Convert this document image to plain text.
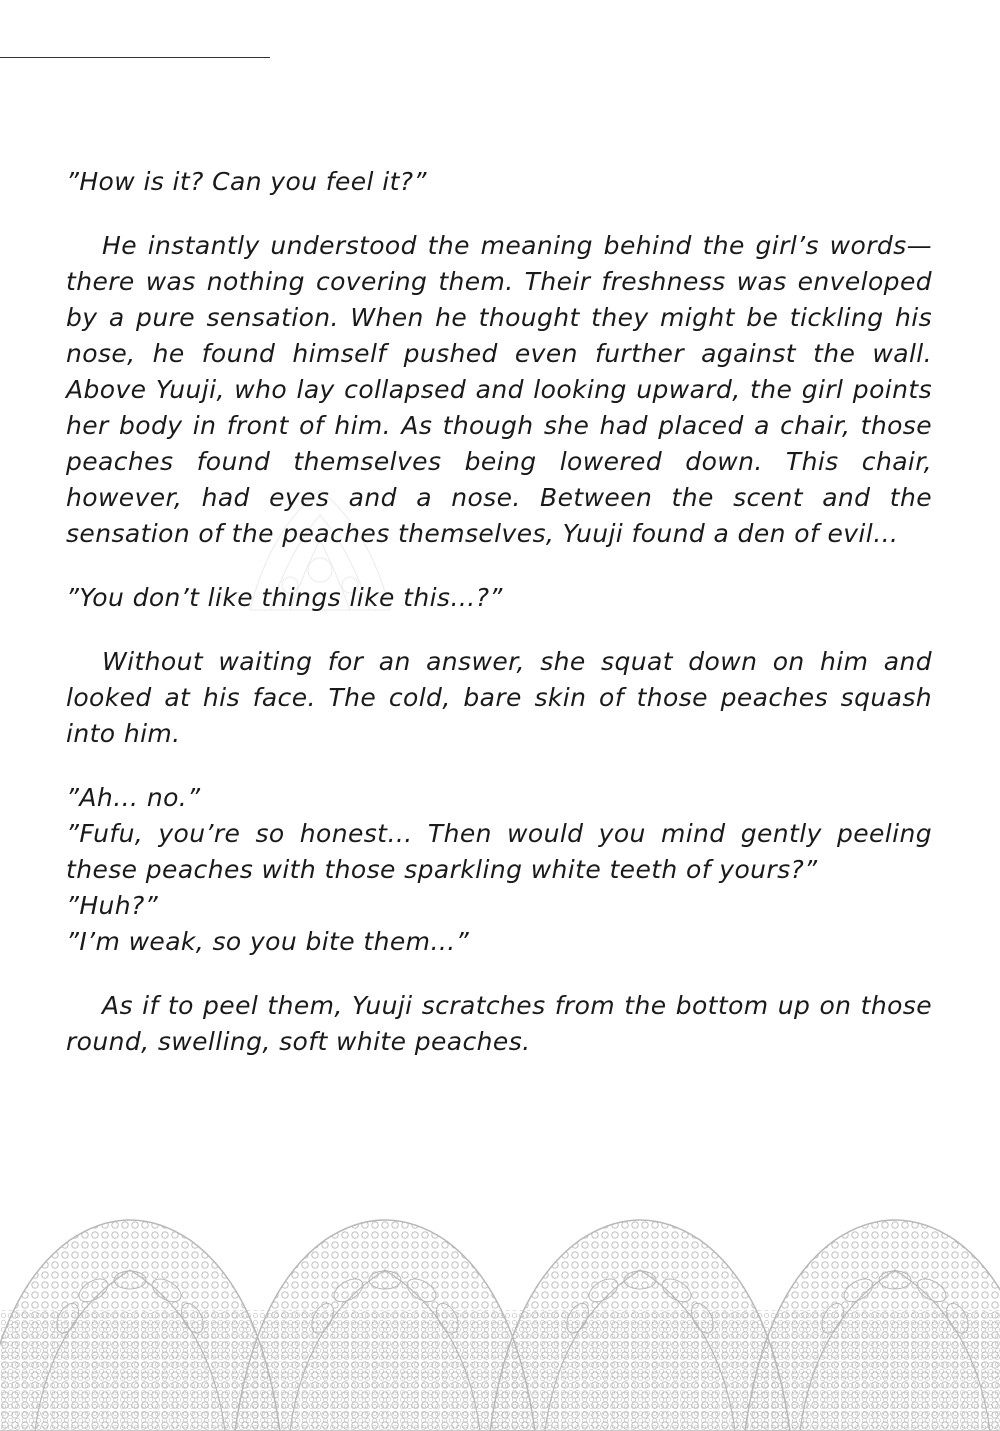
”How is it? Can you feel it?”

He instantly understood the meaning behind the girl’s words—there was nothing covering them. Their freshness was enveloped by a pure sensation. When he thought they might be tickling his nose, he found himself pushed even further against the wall. Above Yuuji, who lay collapsed and looking upward, the girl points her body in front of him. As though she had placed a chair, those peaches found themselves being lowered down. This chair, however, had eyes and a nose. Between the scent and the sensation of the peaches themselves, Yuuji found a den of evil…

”You don’t like things like this…?”

Without waiting for an answer, she squat down on him and looked at his face. The cold, bare skin of those peaches squash into him.

”Ah… no.”

”Fufu, you’re so honest… Then would you mind gently peeling these peaches with those sparkling white teeth of yours?”

”Huh?”

”I’m weak, so you bite them…”

As if to peel them, Yuuji scratches from the bottom up on those round, swelling, soft white peaches.
